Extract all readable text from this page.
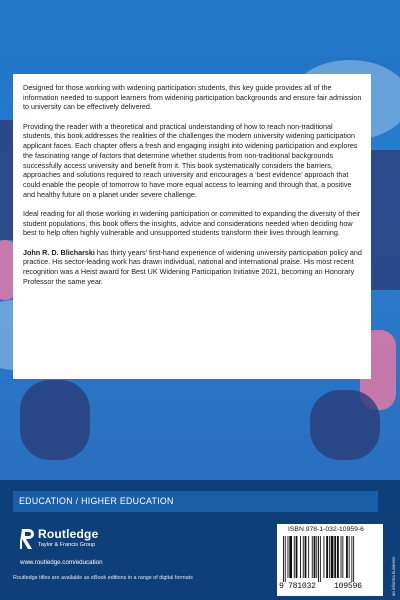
Designed for those working with widening participation students, this key guide provides all of the information needed to support learners from widening participation backgrounds and ensure fair admission to university can be effectively delivered.

Providing the reader with a theoretical and practical understanding of how to reach non-traditional students, this book addresses the realities of the challenges the modern university widening participation applicant faces. Each chapter offers a fresh and engaging insight into widening participation and explores the fascinating range of factors that determine whether students from non-traditional backgrounds successfully access university and benefit from it. This book systematically considers the barriers, approaches and solutions required to reach university and encourages a ‘best evidence’ approach that could enable the people of tomorrow to have more equal access to learning and through that, a positive and healthy future on a planet under severe challenge.

Ideal reading for all those working in widening participation or committed to expanding the diversity of their student populations, this book offers the insights, advice and considerations needed when deciding how best to help often highly vulnerable and unsupported students transform their lives through learning.

John R. D. Blicharski has thirty years’ first-hand experience of widening university participation policy and practice. His sector-leading work has drawn individual, national and international praise. His most recent recognition was a Heist award for Best UK Widening Participation Initiative 2021, becoming an Honorary Professor the same year.

EDUCATION / HIGHER EDUCATION
Routledge
Taylor & Francis Group
www.routledge.com/education
Routledge titles are available as eBook editions in a range of digital formats
ISBN 978-1-032-10959-6
9 781032	109596	an informa business
